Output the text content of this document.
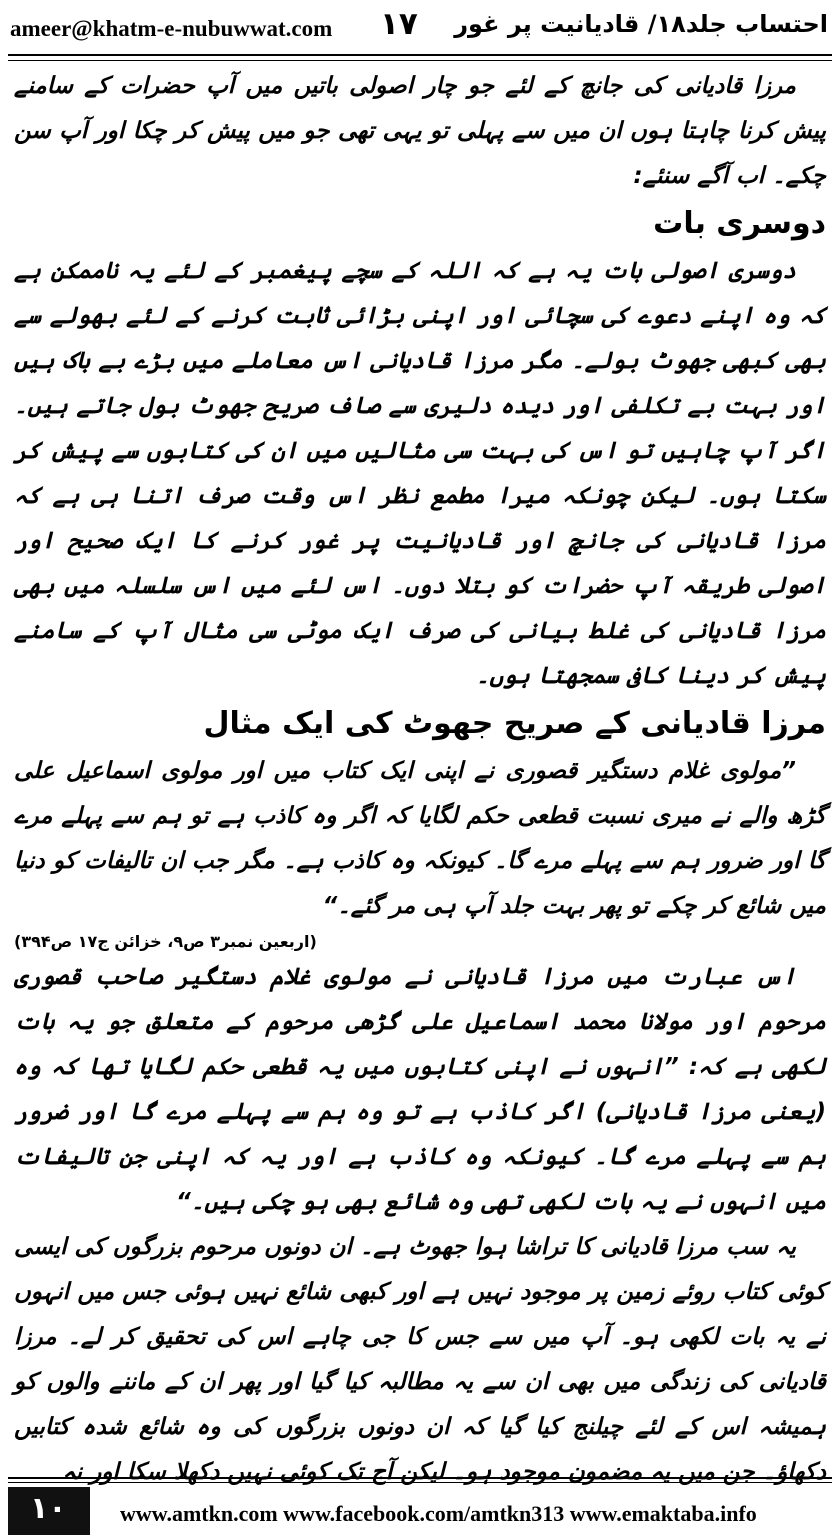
ameer@khatm-e-nubuwwat.com ۱۷ احتساب جلد۱۸/ قادیانیت پر غور

مرزا قادیانی کی جانچ کے لئے جو چار اصولی باتیں میں آپ حضرات کے سامنے پیش کرنا چاہتا ہوں ان میں سے پہلی تو یہی تھی جو میں پیش کر چکا اور آپ سن چکے۔ اب آگے سنئے:

دوسری بات

دوسری اصولی بات یہ ہے کہ اللہ کے سچے پیغمبر کے لئے یہ ناممکن ہے کہ وہ اپنے دعوے کی سچائی اور اپنی بڑائی ثابت کرنے کے لئے بھولے سے بھی کبھی جھوٹ بولے۔ مگر مرزا قادیانی اس معاملے میں بڑے بے باک ہیں اور بہت بے تکلفی اور دیدہ دلیری سے صاف صریح جھوٹ بول جاتے ہیں۔ اگر آپ چاہیں تو اس کی بہت سی مثالیں میں ان کی کتابوں سے پیش کر سکتا ہوں۔ لیکن چونکہ میرا مطمع نظر اس وقت صرف اتنا ہی ہے کہ مرزا قادیانی کی جانچ اور قادیانیت پر غور کرنے کا ایک صحیح اور اصولی طریقہ آپ حضرات کو بتلا دوں۔ اس لئے میں اس سلسلہ میں بھی مرزا قادیانی کی غلط بیانی کی صرف ایک موٹی سی مثال آپ کے سامنے پیش کر دینا کافی سمجھتا ہوں۔

مرزا قادیانی کے صریح جھوٹ کی ایک مثال

”مولوی غلام دستگیر قصوری نے اپنی ایک کتاب میں اور مولوی اسماعیل علی گڑھ والے نے میری نسبت قطعی حکم لگایا کہ اگر وہ کاذب ہے تو ہم سے پہلے مرے گا اور ضرور ہم سے پہلے مرے گا۔ کیونکہ وہ کاذب ہے۔ مگر جب ان تالیفات کو دنیا میں شائع کر چکے تو پھر بہت جلد آپ ہی مر گئے۔“

(اربعین نمبر۳ ص۹، خزائن ج۱۷ ص۳۹۴)

اس عبارت میں مرزا قادیانی نے مولوی غلام دستگیر صاحب قصوری مرحوم اور مولانا محمد اسماعیل علی گڑھی مرحوم کے متعلق جو یہ بات لکھی ہے کہ: ”انہوں نے اپنی کتابوں میں یہ قطعی حکم لگایا تھا کہ وہ (یعنی مرزا قادیانی) اگر کاذب ہے تو وہ ہم سے پہلے مرے گا اور ضرور ہم سے پہلے مرے گا۔ کیونکہ وہ کاذب ہے اور یہ کہ اپنی جن تالیفات میں انہوں نے یہ بات لکھی تھی وہ شائع بھی ہو چکی ہیں۔“

یہ سب مرزا قادیانی کا تراشا ہوا جھوٹ ہے۔ ان دونوں مرحوم بزرگوں کی ایسی کوئی کتاب روئے زمین پر موجود نہیں ہے اور کبھی شائع نہیں ہوئی جس میں انہوں نے یہ بات لکھی ہو۔ آپ میں سے جس کا جی چاہے اس کی تحقیق کر لے۔ مرزا قادیانی کی زندگی میں بھی ان سے یہ مطالبہ کیا گیا اور پھر ان کے ماننے والوں کو ہمیشہ اس کے لئے چیلنج کیا گیا کہ ان دونوں بزرگوں کی وہ شائع شدہ کتابیں دکھاؤ۔ جن میں یہ مضمون موجود ہو۔ لیکن آج تک کوئی نہیں دکھلا سکا اور نہ

۱۰ www.amtkn.com www.facebook.com/amtkn313 www.emaktaba.info
